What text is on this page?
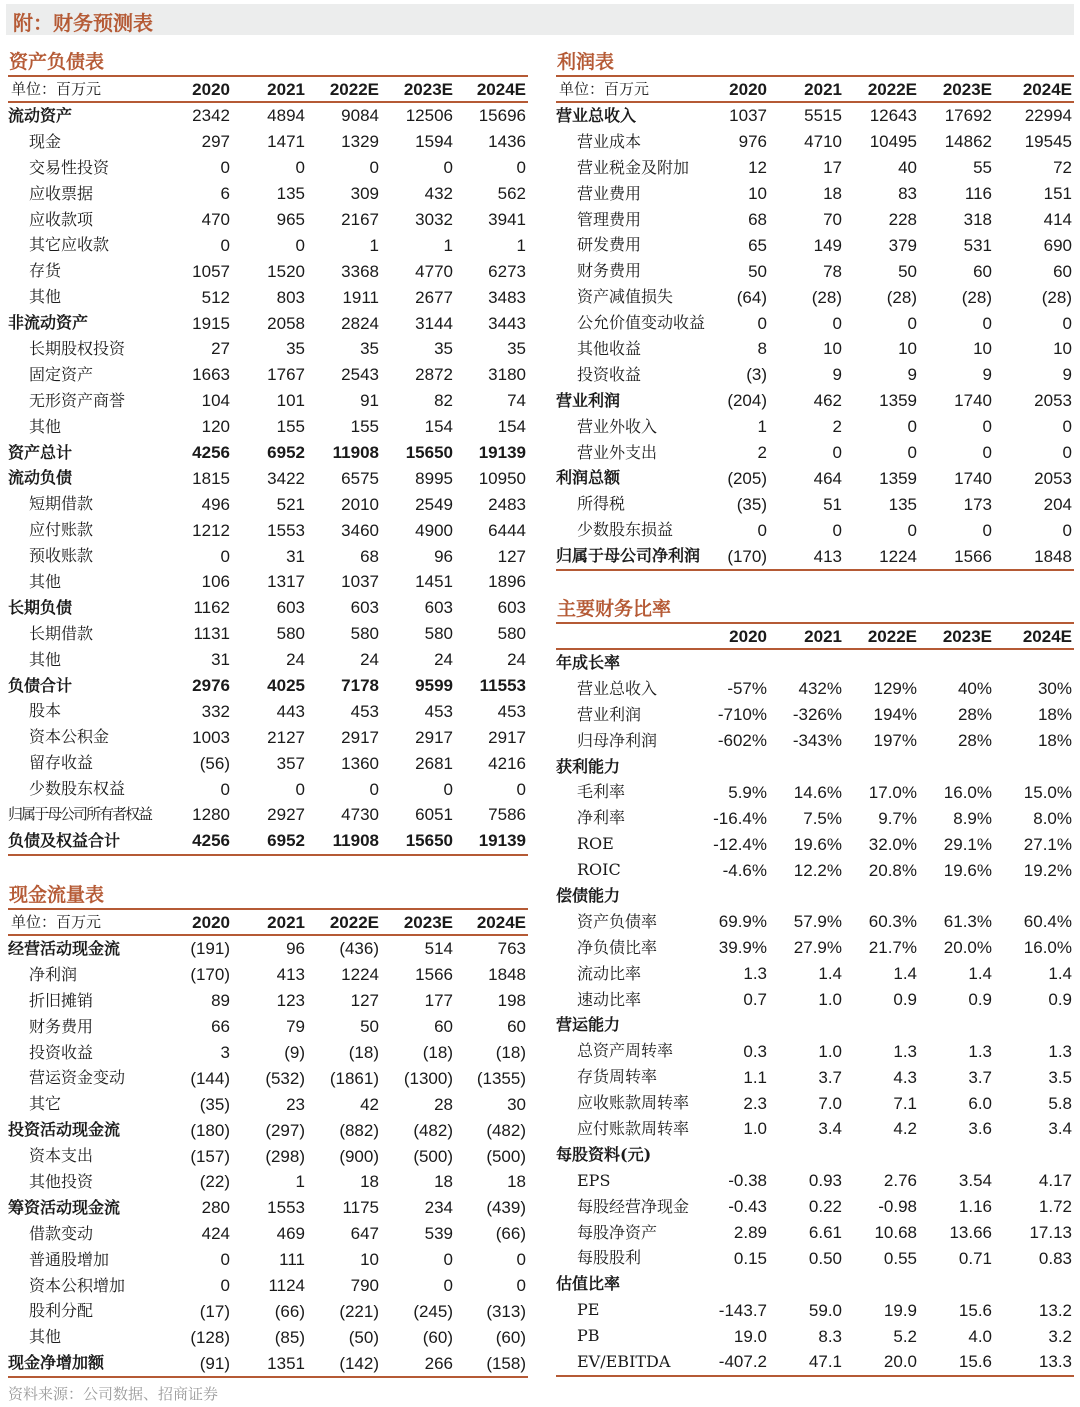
附：财务预测表
资产负债表
单位：百万元	2020	2021	2022E	2023E	2024E
流动资产	2342	4894	9084	12506	15696
现金	297	1471	1329	1594	1436
交易性投资	0	0	0	0	0
应收票据	6	135	309	432	562
应收款项	470	965	2167	3032	3941
其它应收款	0	0	1	1	1
存货	1057	1520	3368	4770	6273
其他	512	803	1911	2677	3483
非流动资产	1915	2058	2824	3144	3443
长期股权投资	27	35	35	35	35
固定资产	1663	1767	2543	2872	3180
无形资产商誉	104	101	91	82	74
其他	120	155	155	154	154
资产总计	4256	6952	11908	15650	19139
流动负债	1815	3422	6575	8995	10950
短期借款	496	521	2010	2549	2483
应付账款	1212	1553	3460	4900	6444
预收账款	0	31	68	96	127
其他	106	1317	1037	1451	1896
长期负债	1162	603	603	603	603
长期借款	1131	580	580	580	580
其他	31	24	24	24	24
负债合计	2976	4025	7178	9599	11553
股本	332	443	453	453	453
资本公积金	1003	2127	2917	2917	2917
留存收益	(56)	357	1360	2681	4216
少数股东权益	0	0	0	0	0
归属于母公司所有者权益	1280	2927	4730	6051	7586
负债及权益合计	4256	6952	11908	15650	19139
现金流量表
单位：百万元	2020	2021	2022E	2023E	2024E
经营活动现金流	(191)	96	(436)	514	763
净利润	(170)	413	1224	1566	1848
折旧摊销	89	123	127	177	198
财务费用	66	79	50	60	60
投资收益	3	(9)	(18)	(18)	(18)
营运资金变动	(144)	(532)	(1861)	(1300)	(1355)
其它	(35)	23	42	28	30
投资活动现金流	(180)	(297)	(882)	(482)	(482)
资本支出	(157)	(298)	(900)	(500)	(500)
其他投资	(22)	1	18	18	18
筹资活动现金流	280	1553	1175	234	(439)
借款变动	424	469	647	539	(66)
普通股增加	0	111	10	0	0
资本公积增加	0	1124	790	0	0
股利分配	(17)	(66)	(221)	(245)	(313)
其他	(128)	(85)	(50)	(60)	(60)
现金净增加额	(91)	1351	(142)	266	(158)
利润表
单位：百万元	2020	2021	2022E	2023E	2024E
营业总收入	1037	5515	12643	17692	22994
营业成本	976	4710	10495	14862	19545
营业税金及附加	12	17	40	55	72
营业费用	10	18	83	116	151
管理费用	68	70	228	318	414
研发费用	65	149	379	531	690
财务费用	50	78	50	60	60
资产减值损失	(64)	(28)	(28)	(28)	(28)
公允价值变动收益	0	0	0	0	0
其他收益	8	10	10	10	10
投资收益	(3)	9	9	9	9
营业利润	(204)	462	1359	1740	2053
营业外收入	1	2	0	0	0
营业外支出	2	0	0	0	0
利润总额	(205)	464	1359	1740	2053
所得税	(35)	51	135	173	204
少数股东损益	0	0	0	0	0
归属于母公司净利润	(170)	413	1224	1566	1848
主要财务比率
	2020	2021	2022E	2023E	2024E
年成长率					
营业总收入	-57%	432%	129%	40%	30%
营业利润	-710%	-326%	194%	28%	18%
归母净利润	-602%	-343%	197%	28%	18%
获利能力					
毛利率	5.9%	14.6%	17.0%	16.0%	15.0%
净利率	-16.4%	7.5%	9.7%	8.9%	8.0%
ROE	-12.4%	19.6%	32.0%	29.1%	27.1%
ROIC	-4.6%	12.2%	20.8%	19.6%	19.2%
偿债能力					
资产负债率	69.9%	57.9%	60.3%	61.3%	60.4%
净负债比率	39.9%	27.9%	21.7%	20.0%	16.0%
流动比率	1.3	1.4	1.4	1.4	1.4
速动比率	0.7	1.0	0.9	0.9	0.9
营运能力					
总资产周转率	0.3	1.0	1.3	1.3	1.3
存货周转率	1.1	3.7	4.3	3.7	3.5
应收账款周转率	2.3	7.0	7.1	6.0	5.8
应付账款周转率	1.0	3.4	4.2	3.6	3.4
每股资料(元)					
EPS	-0.38	0.93	2.76	3.54	4.17
每股经营净现金	-0.43	0.22	-0.98	1.16	1.72
每股净资产	2.89	6.61	10.68	13.66	17.13
每股股利	0.15	0.50	0.55	0.71	0.83
估值比率					
PE	-143.7	59.0	19.9	15.6	13.2
PB	19.0	8.3	5.2	4.0	3.2
EV/EBITDA	-407.2	47.1	20.0	15.6	13.3
资料来源：公司数据、招商证券
